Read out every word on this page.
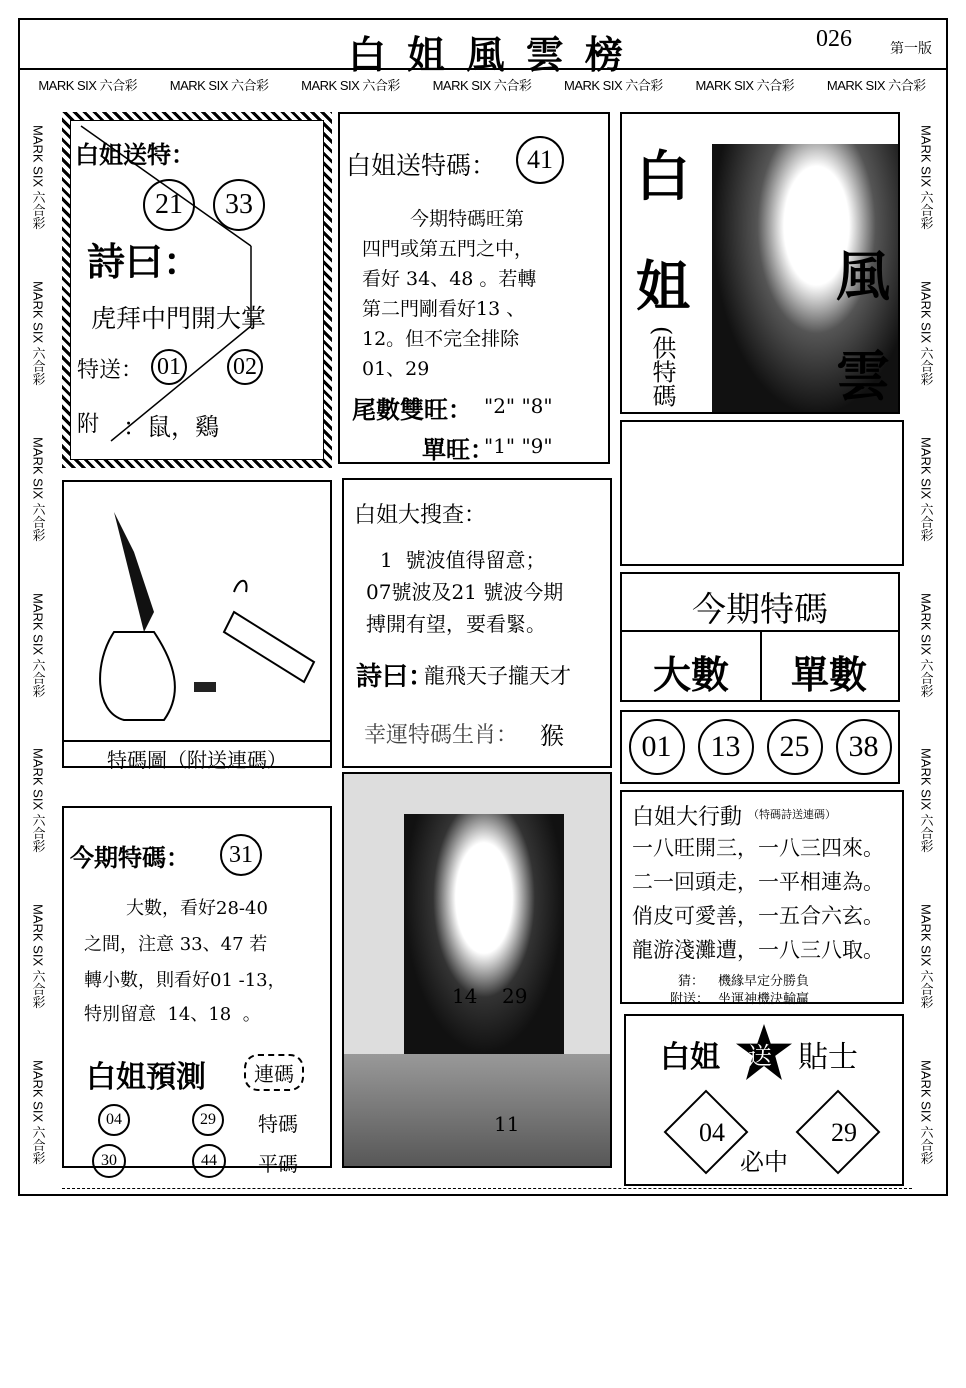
白 姐 風 雲 榜	026	第一版
MARK SIX 六合彩	MARK SIX 六合彩	MARK SIX 六合彩	MARK SIX 六合彩	MARK SIX 六合彩	MARK SIX 六合彩	MARK SIX 六合彩
MARK SIX 六合彩
MARK SIX 六合彩
MARK SIX 六合彩
MARK SIX 六合彩
MARK SIX 六合彩
MARK SIX 六合彩
MARK SIX 六合彩
MARK SIX 六合彩
MARK SIX 六合彩
MARK SIX 六合彩
MARK SIX 六合彩
MARK SIX 六合彩
MARK SIX 六合彩
MARK SIX 六合彩
白姐送特：
21	33
詩曰：
虎拜中門開大掌
特送： 01 02
附 ：鼠，鷄
白姐送特碼：	41
今期特碼旺第
四門或第五門之中，
看好 34、48 。若轉
第二門剛看好13 、
12。但不完全排除
01、29
尾數雙旺： "2" "8"
單旺：
"1" "9"
白
姐	風
雲
(供特碼
特碼圖（附送連碼）
白姐大搜查：
1  號波值得留意；
07號波及21 號波今期
搏開有望，要看緊。
詩曰：
龍飛天子攏天才
幸運特碼生肖： 猴
今期特碼
大數	單數
01	13	25	38
14 29
11
白姐大行動 （特碼詩送連碼）
一八旺開三，一八三四來。
二一回頭走，一平相連為。
俏皮可愛善，一五合六玄。
龍游淺灘遭，一八三八取。
猜： 機緣早定分勝負
附送： 坐運神機決輸贏
今期特碼：	31
大數，看好28-40
之間，注意 33、47 若
轉小數，則看好01 -13，
特別留意  14、18  。
白姐預測	連碼
04	29	特碼
30	44	平碼
白姐 送 貼士
04	29
必中
